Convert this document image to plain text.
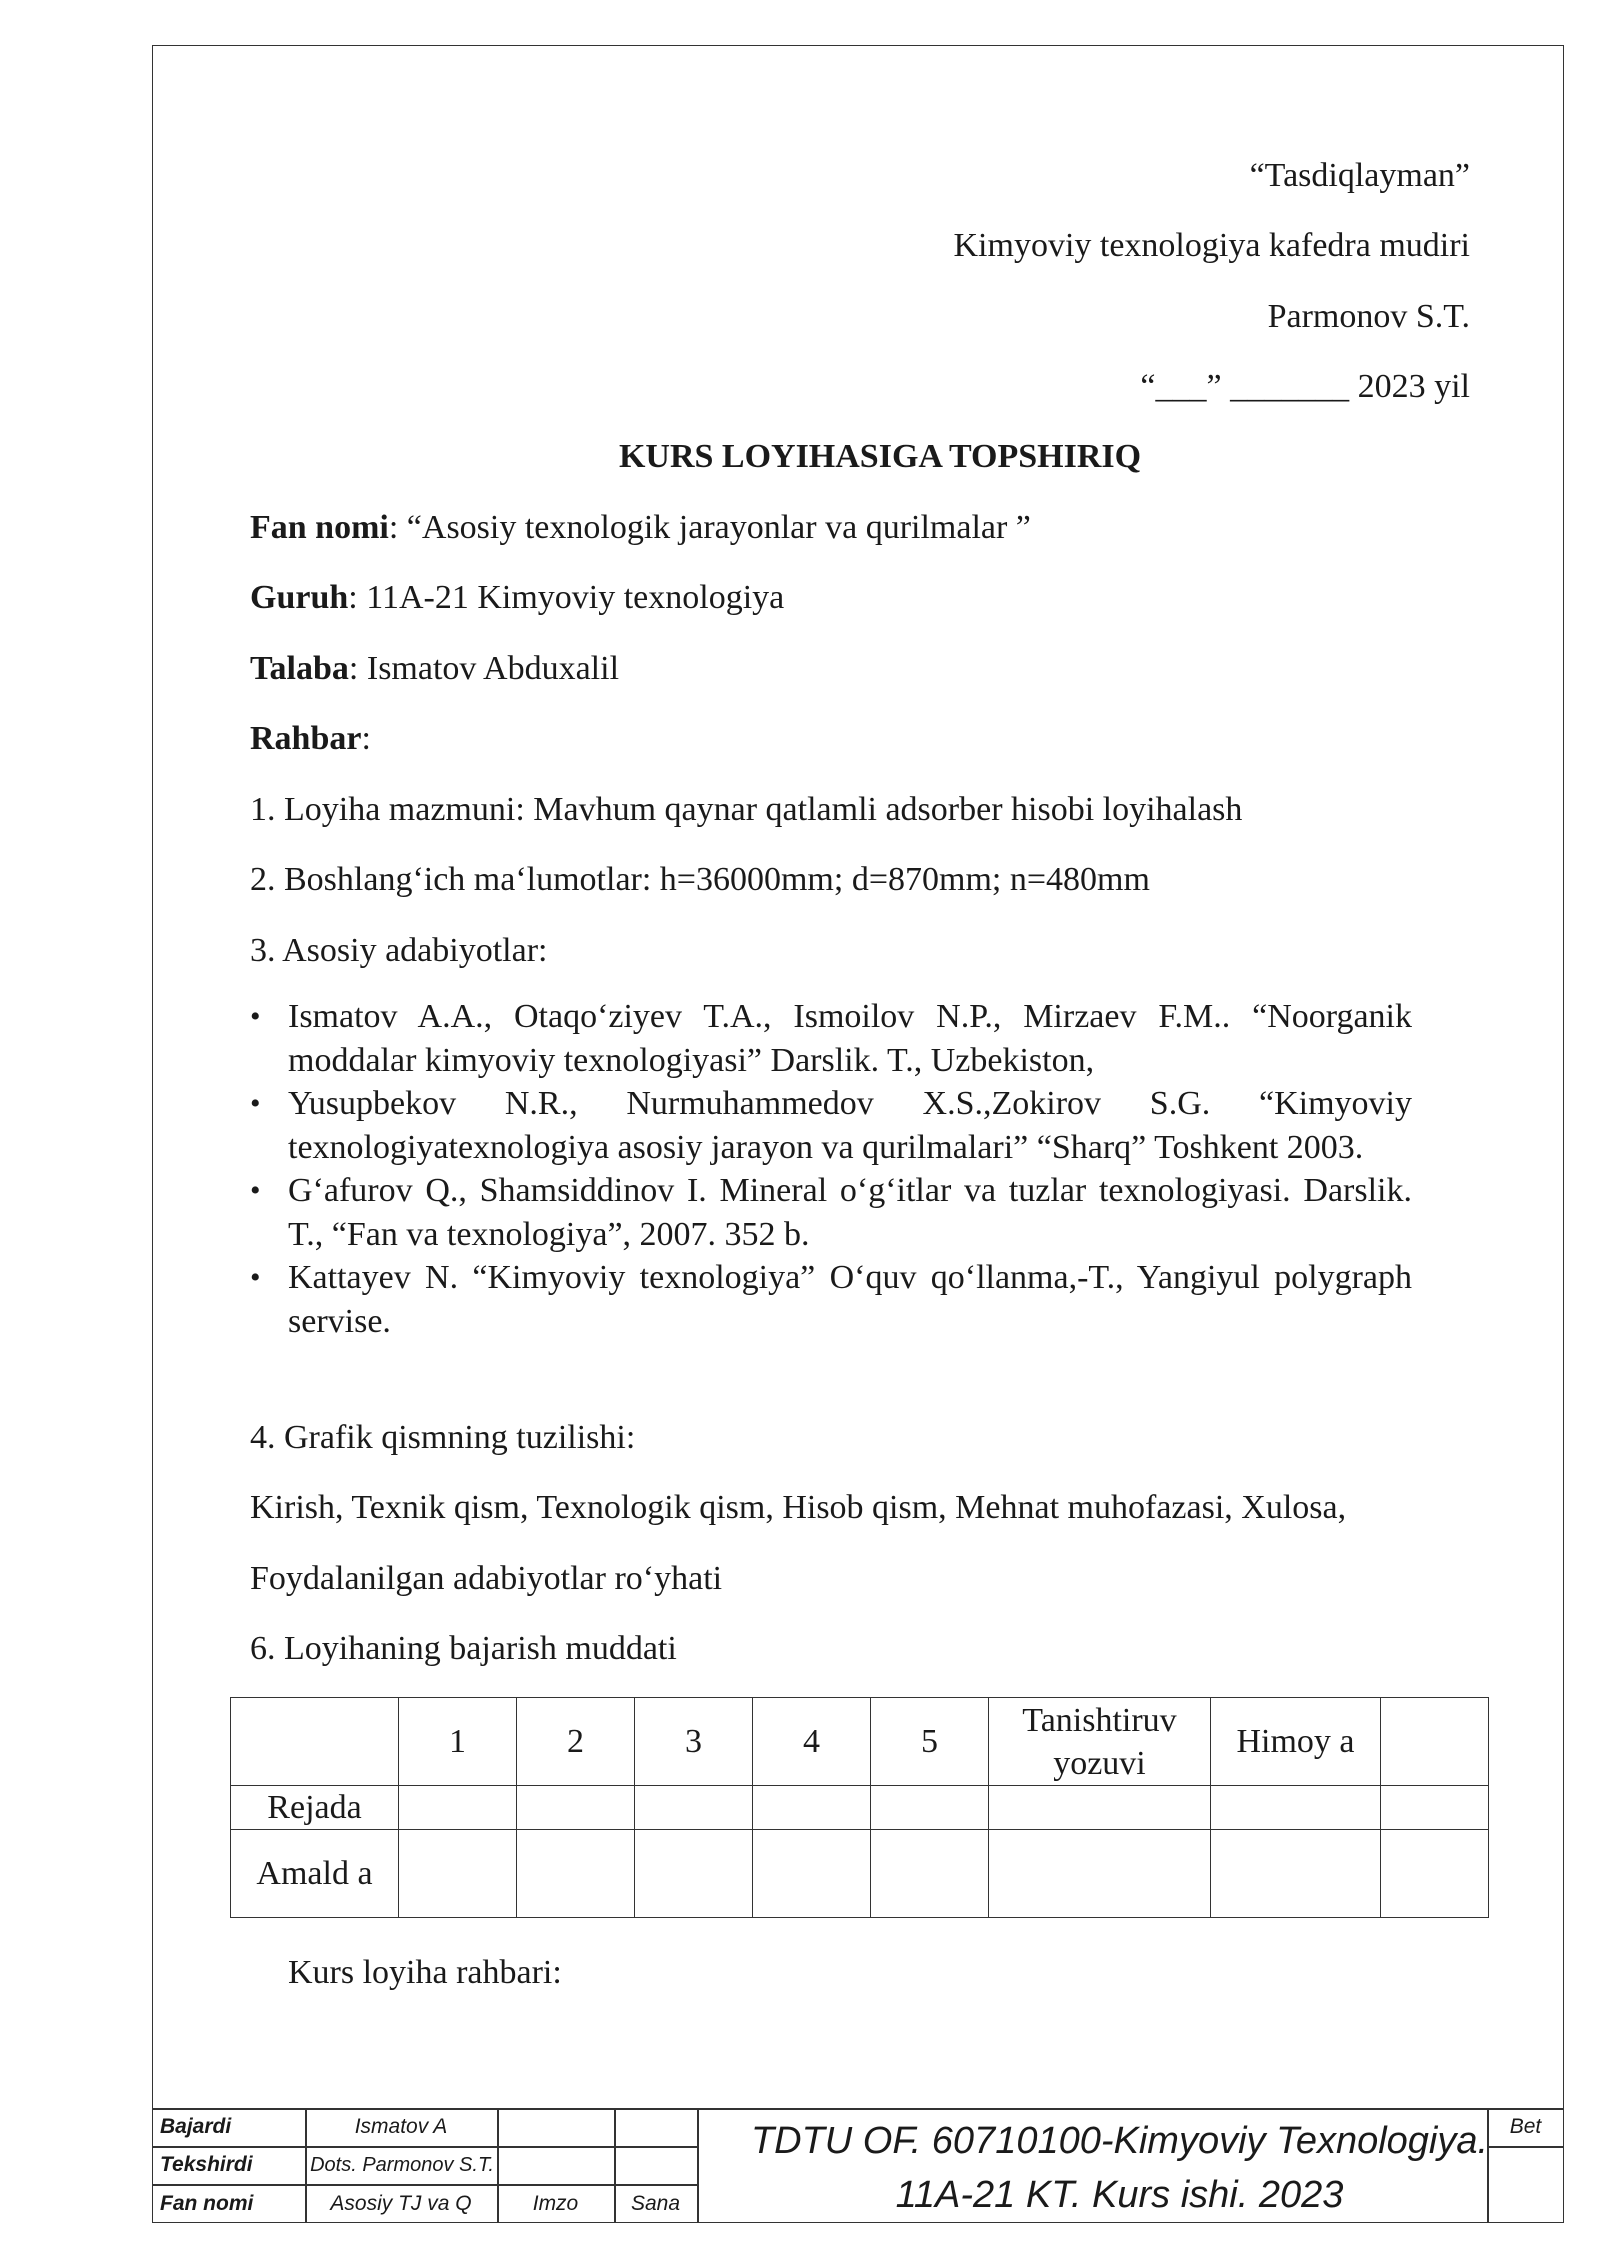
“Tasdiqlayman”
Kimyoviy texnologiya kafedra mudiri
Parmonov S.T.
“___” _______ 2023 yil
KURS LOYIHASIGA TOPSHIRIQ
Fan nomi: “Asosiy texnologik jarayonlar va qurilmalar ”
Guruh: 11A-21 Kimyoviy texnologiya
Talaba: Ismatov Abduxalil
Rahbar:
1. Loyiha mazmuni: Mavhum qaynar qatlamli adsorber hisobi loyihalash
2. Boshlang‘ich ma‘lumotlar: h=36000mm; d=870mm; n=480mm
3. Asosiy adabiyotlar:
• Ismatov A.A., Otaqo‘ziyev T.A., Ismoilov N.P., Mirzaev F.M.. “Noorganik moddalar kimyoviy texnologiyasi” Darslik. T., Uzbekiston,
• Yusupbekov N.R., Nurmuhammedov X.S.,Zokirov S.G. “Kimyoviy texnologiyatexnologiya asosiy jarayon va qurilmalari” “Sharq” Toshkent 2003.
• G‘afurov Q., Shamsiddinov I. Mineral o‘g‘itlar va tuzlar texnologiyasi. Darslik. T., “Fan va texnologiya”, 2007. 352 b.
• Kattayev N. “Kimyoviy texnologiya” O‘quv qo‘llanma,-T., Yangiyul polygraph servise.
4. Grafik qismning tuzilishi:
Kirish, Texnik qism, Texnologik qism, Hisob qism, Mehnat muhofazasi, Xulosa,
Foydalanilgan adabiyotlar ro‘yhati
6. Loyihaning bajarish muddati
	1	2	3	4	5	Tanishtiruv yozuvi	Himoy a	
Rejada								
Amald a								
Kurs loyiha rahbari:
Bajardi	Ismatov A
Tekshirdi	Dots. Parmonov S.T.
Fan nomi	Asosiy TJ va Q	Imzo	Sana
Bet
TDTU OF. 60710100-Kimyoviy Texnologiya.
11A-21 KT. Kurs ishi. 2023
